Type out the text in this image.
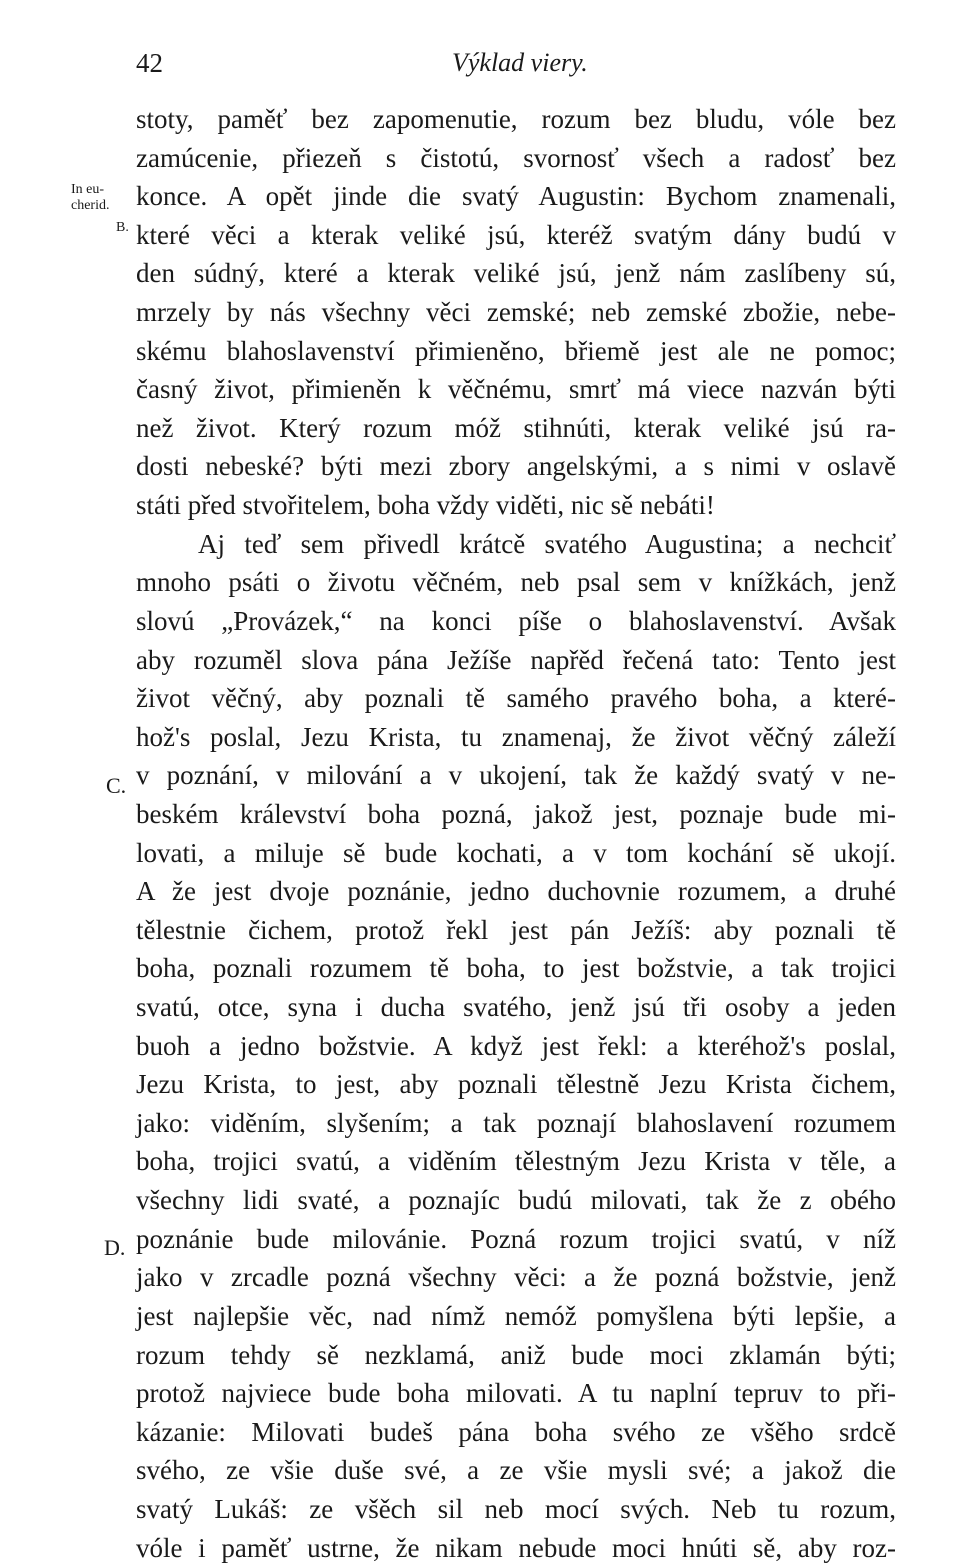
42	Výklad viery.
In eu-
cherid.
B.
C.
D.
stoty, paměť bez zapomenutie, rozum bez bludu, vóle bez
zamúcenie, přiezeň s čistotú, svornosť všech a radosť bez
konce. A opět jinde die svatý Augustin: Bychom znamenali,
které věci a kterak veliké jsú, kteréž svatým dány budú v
den súdný, které a kterak veliké jsú, jenž nám zaslíbeny sú,
mrzely by nás všechny věci zemské; neb zemské zbožie, nebe-
skému blahoslavenství přimieněno, břiemě jest ale ne pomoc;
časný život, přimieněn k věčnému, smrť má viece nazván býti
než život. Který rozum móž stihnúti, kterak veliké jsú ra-
dosti nebeské? býti mezi zbory angelskými, a s nimi v oslavě
státi před stvořitelem, boha vždy viděti, nic sě nebáti!
Aj teď sem přivedl krátcě svatého Augustina; a nechciť
mnoho psáti o životu věčném, neb psal sem v knížkách, jenž
slovú „Provázek,“ na konci píše o blahoslavenství. Avšak
aby rozuměl slova pána Ježíše napřěd řečená tato: Tento jest
život věčný, aby poznali tě samého pravého boha, a které-
hož's poslal, Jezu Krista, tu znamenaj, že život věčný záleží
v poznání, v milování a v ukojení, tak že každý svatý v ne-
beském králevství boha pozná, jakož jest, poznaje bude mi-
lovati, a miluje sě bude kochati, a v tom kochání sě ukojí.
A že jest dvoje poznánie, jedno duchovnie rozumem, a druhé
tělestnie čichem, protož řekl jest pán Ježíš: aby poznali tě
boha, poznali rozumem tě boha, to jest božstvie, a tak trojici
svatú, otce, syna i ducha svatého, jenž jsú tři osoby a jeden
buoh a jedno božstvie. A když jest řekl: a kteréhož's poslal,
Jezu Krista, to jest, aby poznali tělestně Jezu Krista čichem,
jako: viděním, slyšením; a tak poznají blahoslavení rozumem
boha, trojici svatú, a viděním tělestným Jezu Krista v těle, a
všechny lidi svaté, a poznajíc budú milovati, tak že z obého
poznánie bude milovánie. Pozná rozum trojici svatú, v níž
jako v zrcadle pozná všechny věci: a že pozná božstvie, jenž
jest najlepšie věc, nad nímž nemóž pomyšlena býti lepšie, a
rozum tehdy sě nezklamá, aniž bude moci zklamán býti;
protož najviece bude boha milovati. A tu naplní tepruv to při-
kázanie: Milovati budeš pána boha svého ze všěho srdcě
svého, ze všie duše své, a ze všie mysli své; a jakož die
svatý Lukáš: ze všěch sil neb mocí svých. Neb tu rozum,
vóle i paměť ustrne, že nikam nebude moci hnúti sě, aby roz-
